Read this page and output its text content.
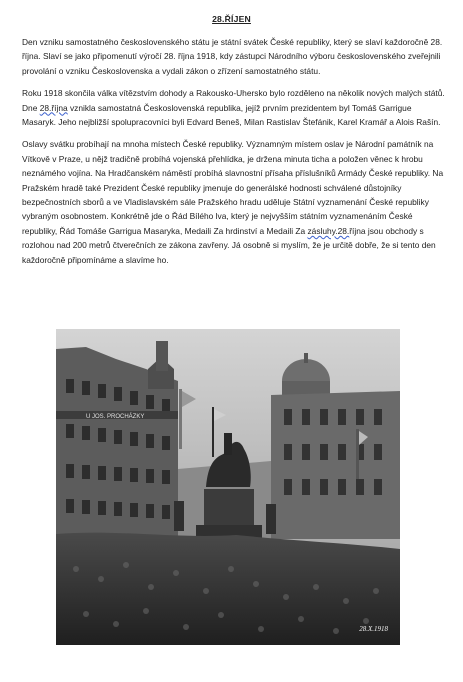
28.ŘÍJEN

Den vzniku samostatného československého státu je státní svátek České republiky, který se slaví každoročně 28. října. Slaví se jako připomenutí výročí 28. října 1918, kdy zástupci Národního výboru československého zveřejnili provolání o vzniku Československa a vydali zákon o zřízení samostatného státu.

Roku 1918 skončila válka vítězstvím dohody a Rakousko-Uhersko bylo rozděleno na několik nových malých států. Dne 28.října vznikla samostatná Československá republika, jejíž prvním prezidentem byl Tomáš Garrigue Masaryk. Jeho nejbližší spolupracovníci byli Edvard Beneš, Milan Rastislav Štefánik, Karel Kramář a Alois Rašín.

Oslavy svátku probíhají na mnoha místech České republiky. Významným místem oslav je Národní památník na Vítkově v Praze, u nějž tradičně probíhá vojenská přehlídka, je držena minuta ticha a položen věnec k hrobu neznámého vojína. Na Hradčanském náměstí probíhá slavnostní přísaha příslušníků Armády České republiky. Na Pražském hradě také Prezident České republiky jmenuje do generálské hodnosti schválené důstojníky bezpečnostních sborů a ve Vladislavském sále Pražského hradu uděluje Státní vyznamenání České republiky vybraným osobnostem. Konkrétně jde o Řád Bílého lva, který je nejvyšším státním vyznamenáním České republiky, Řád Tomáše Garrigua Masaryka, Medaili Za hrdinství a Medaili Za zásluhy.28.října jsou obchody s rozlohou nad 200 metrů čtverečních ze zákona zavřeny. Já osobně si myslím, že je určitě dobře, že si tento den každoročně připomínáme a slavíme ho.

U JOS. PROCHÁZKY
28.X.1918
